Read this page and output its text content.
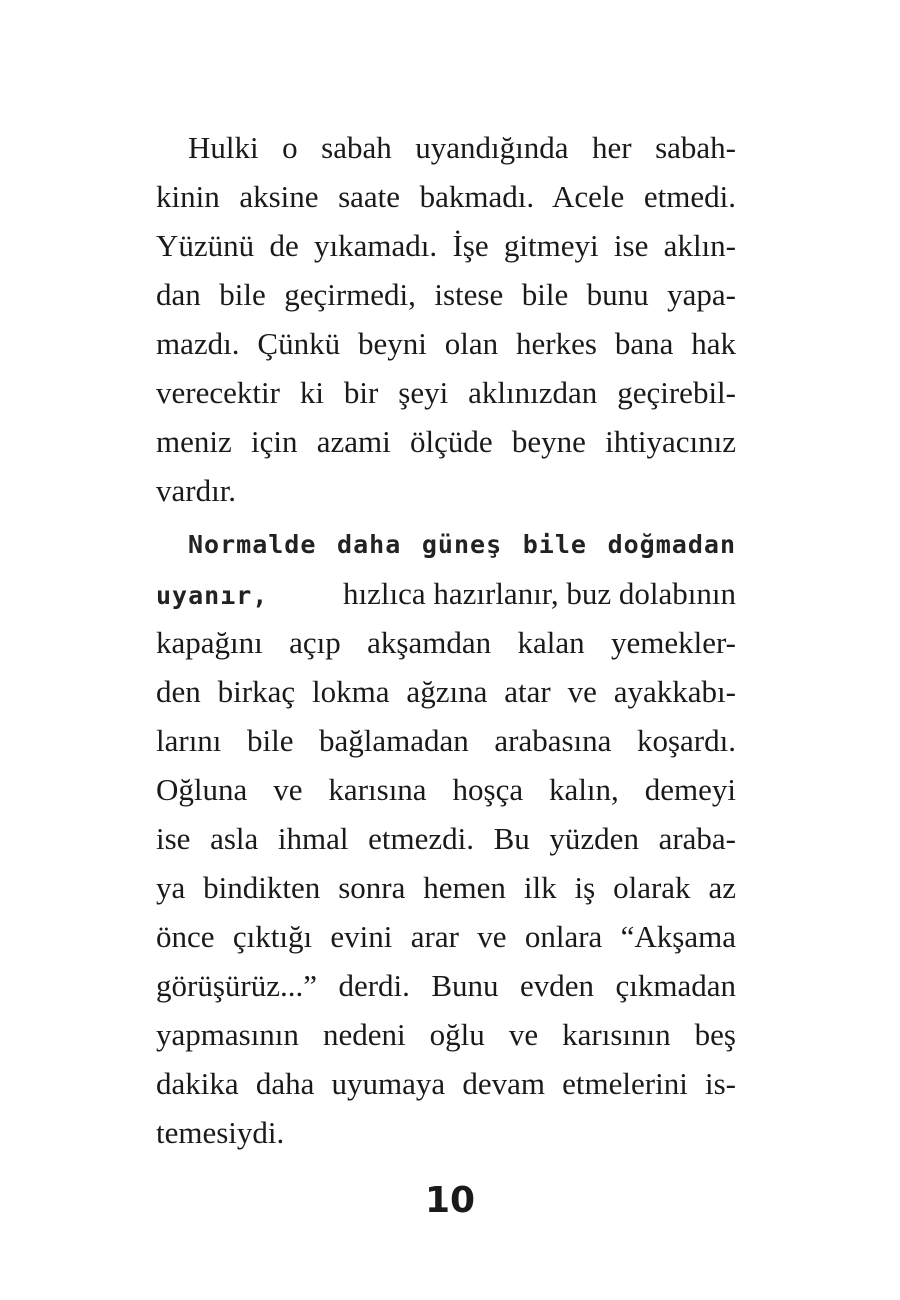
Hulki o sabah uyandığında her sabah-
kinin aksine saate bakmadı. Acele etmedi.
Yüzünü de yıkamadı. İşe gitmeyi ise aklın-
dan bile geçirmedi, istese bile bunu yapa-
mazdı. Çünkü beyni olan herkes bana hak
verecektir ki bir şeyi aklınızdan geçirebil-
meniz için azami ölçüde beyne ihtiyacınız
vardır.
Normalde daha güneş bile doğmadan
uyanır, hızlıca hazırlanır, buz dolabının
kapağını açıp akşamdan kalan yemekler-
den birkaç lokma ağzına atar ve ayakkabı-
larını bile bağlamadan arabasına koşardı.
Oğluna ve karısına hoşça kalın, demeyi
ise asla ihmal etmezdi. Bu yüzden araba-
ya bindikten sonra hemen ilk iş olarak az
önce çıktığı evini arar ve onlara “Akşama
görüşürüz...” derdi. Bunu evden çıkmadan
yapmasının nedeni oğlu ve karısının beş
dakika daha uyumaya devam etmelerini is-
temesiydi.
10
